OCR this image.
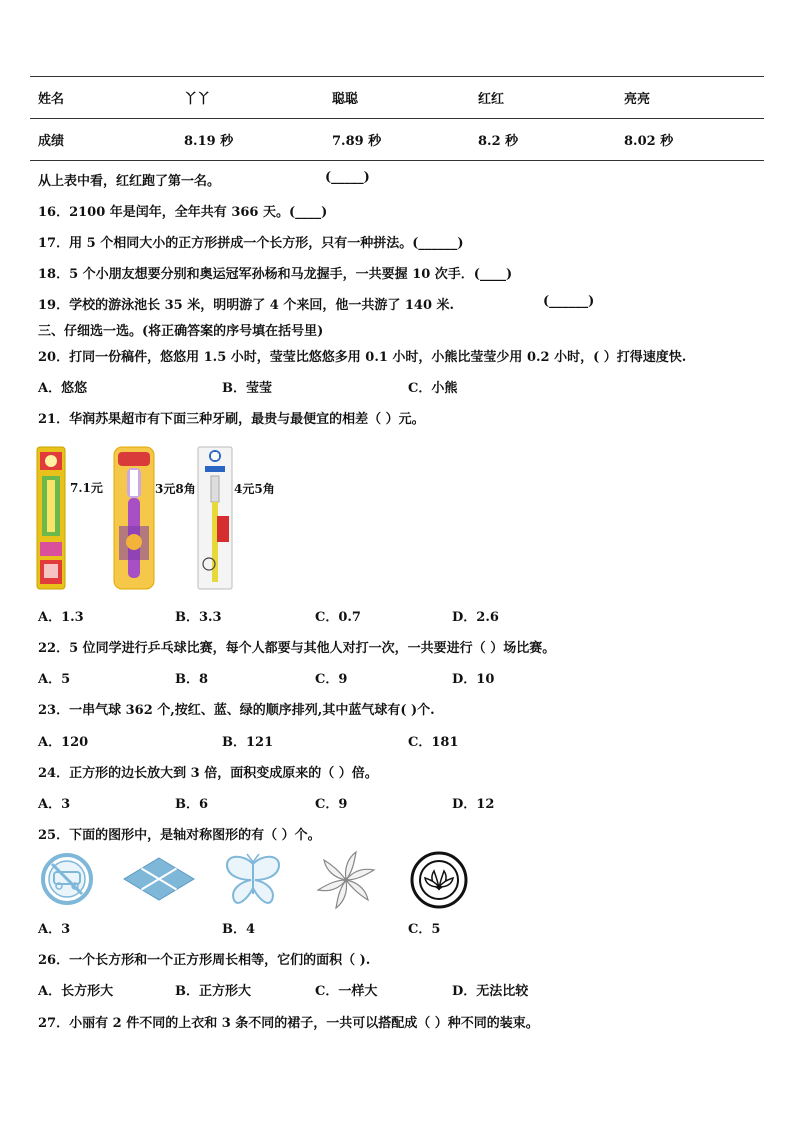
姓名	丫丫	聪聪	红红	亮亮
成绩	8.19 秒	7.89 秒	8.2 秒	8.02 秒
从上表中看，红红跑了第一名。	(_____)
16．2100 年是闰年，全年共有 366 天。(____)
17．用 5 个相同大小的正方形拼成一个长方形，只有一种拼法。(______)
18．5 个小朋友想要分别和奥运冠军孙杨和马龙握手，一共要握 10 次手．(____)
19．学校的游泳池长 35 米，明明游了 4 个来回，他一共游了 140 米.	(______)
三、仔细选一选。(将正确答案的序号填在括号里)
20．打同一份稿件，悠悠用 1.5 小时，莹莹比悠悠多用 0.1 小时，小熊比莹莹少用 0.2 小时，( ）打得速度快.
A．悠悠	B．莹莹	C．小熊
21．华润苏果超市有下面三种牙刷，最贵与最便宜的相差（ ）元。
7.1元	3元8角	4元5角
A．1.3	B．3.3	C．0.7	D．2.6
22．5 位同学进行乒乓球比赛，每个人都要与其他人对打一次，一共要进行（ ）场比赛。
A．5	B．8	C．9	D．10
23．一串气球 362 个,按红、蓝、绿的顺序排列,其中蓝气球有( )个.
A．120	B．121	C．181
24．正方形的边长放大到 3 倍，面积变成原来的（ ）倍。
A．3	B．6	C．9	D．12
25．下面的图形中，是轴对称图形的有（ ）个。
A．3	B．4	C．5
26．一个长方形和一个正方形周长相等，它们的面积（ ).
A．长方形大	B．正方形大	C．一样大	D．无法比较
27．小丽有 2 件不同的上衣和 3 条不同的裙子，一共可以搭配成（ ）种不同的装束。
